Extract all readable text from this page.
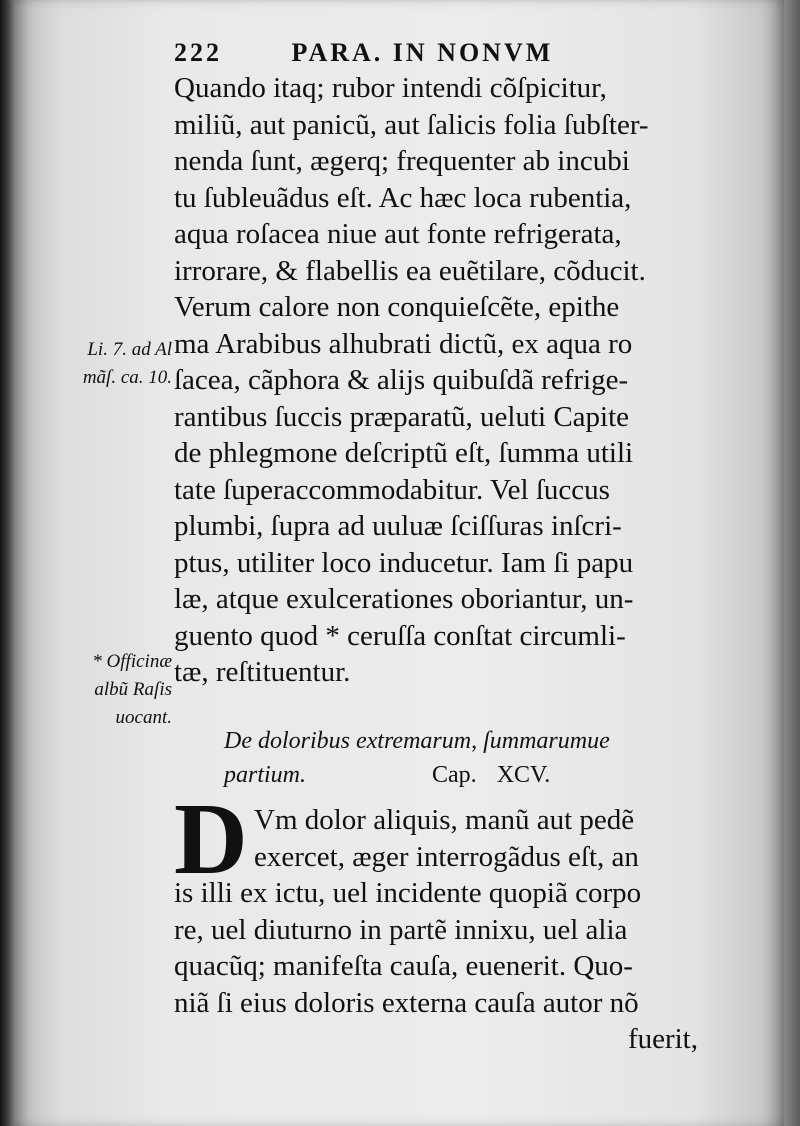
222	PARA. IN NONVM
Quando itaq; rubor intendi cõſpicitur,
miliũ, aut panicũ, aut ſalicis folia ſubſter-
nenda ſunt, ægerq; frequenter ab incubi
tu ſubleuãdus eſt. Ac hæc loca rubentia,
aqua roſacea niue aut fonte refrigerata,
irrorare, & flabellis ea euẽtilare, cõducit.
Verum calore non conquieſcẽte, epithe
ma Arabibus alhubrati dictũ, ex aqua ro
ſacea, cãphora & alijs quibuſdã refrige-
rantibus ſuccis præparatũ, ueluti Capite
de phlegmone deſcriptũ eſt, ſumma utili
tate ſuperaccommodabitur. Vel ſuccus
plumbi, ſupra ad uuluæ ſciſſuras inſcri-
ptus, utiliter loco inducetur. Iam ſi papu
læ, atque exulcerationes oboriantur, un-
guento quod * ceruſſa conſtat circumli-
tæ, reſtituentur.
Li. 7. ad Al
mãſ. ca. 10.
* Officinæ
albũ Raſis
uocant.
De doloribus extremarum, ſummarumue
partium.	Cap. XCV.
D Vm dolor aliquis, manũ aut pedẽ
exercet, æger interrogãdus eſt, an
is illi ex ictu, uel incidente quopiã corpo
re, uel diuturno in partẽ innixu, uel alia
quacũq; manifeſta cauſa, euenerit. Quo-
niã ſi eius doloris externa cauſa autor nõ
fuerit,
